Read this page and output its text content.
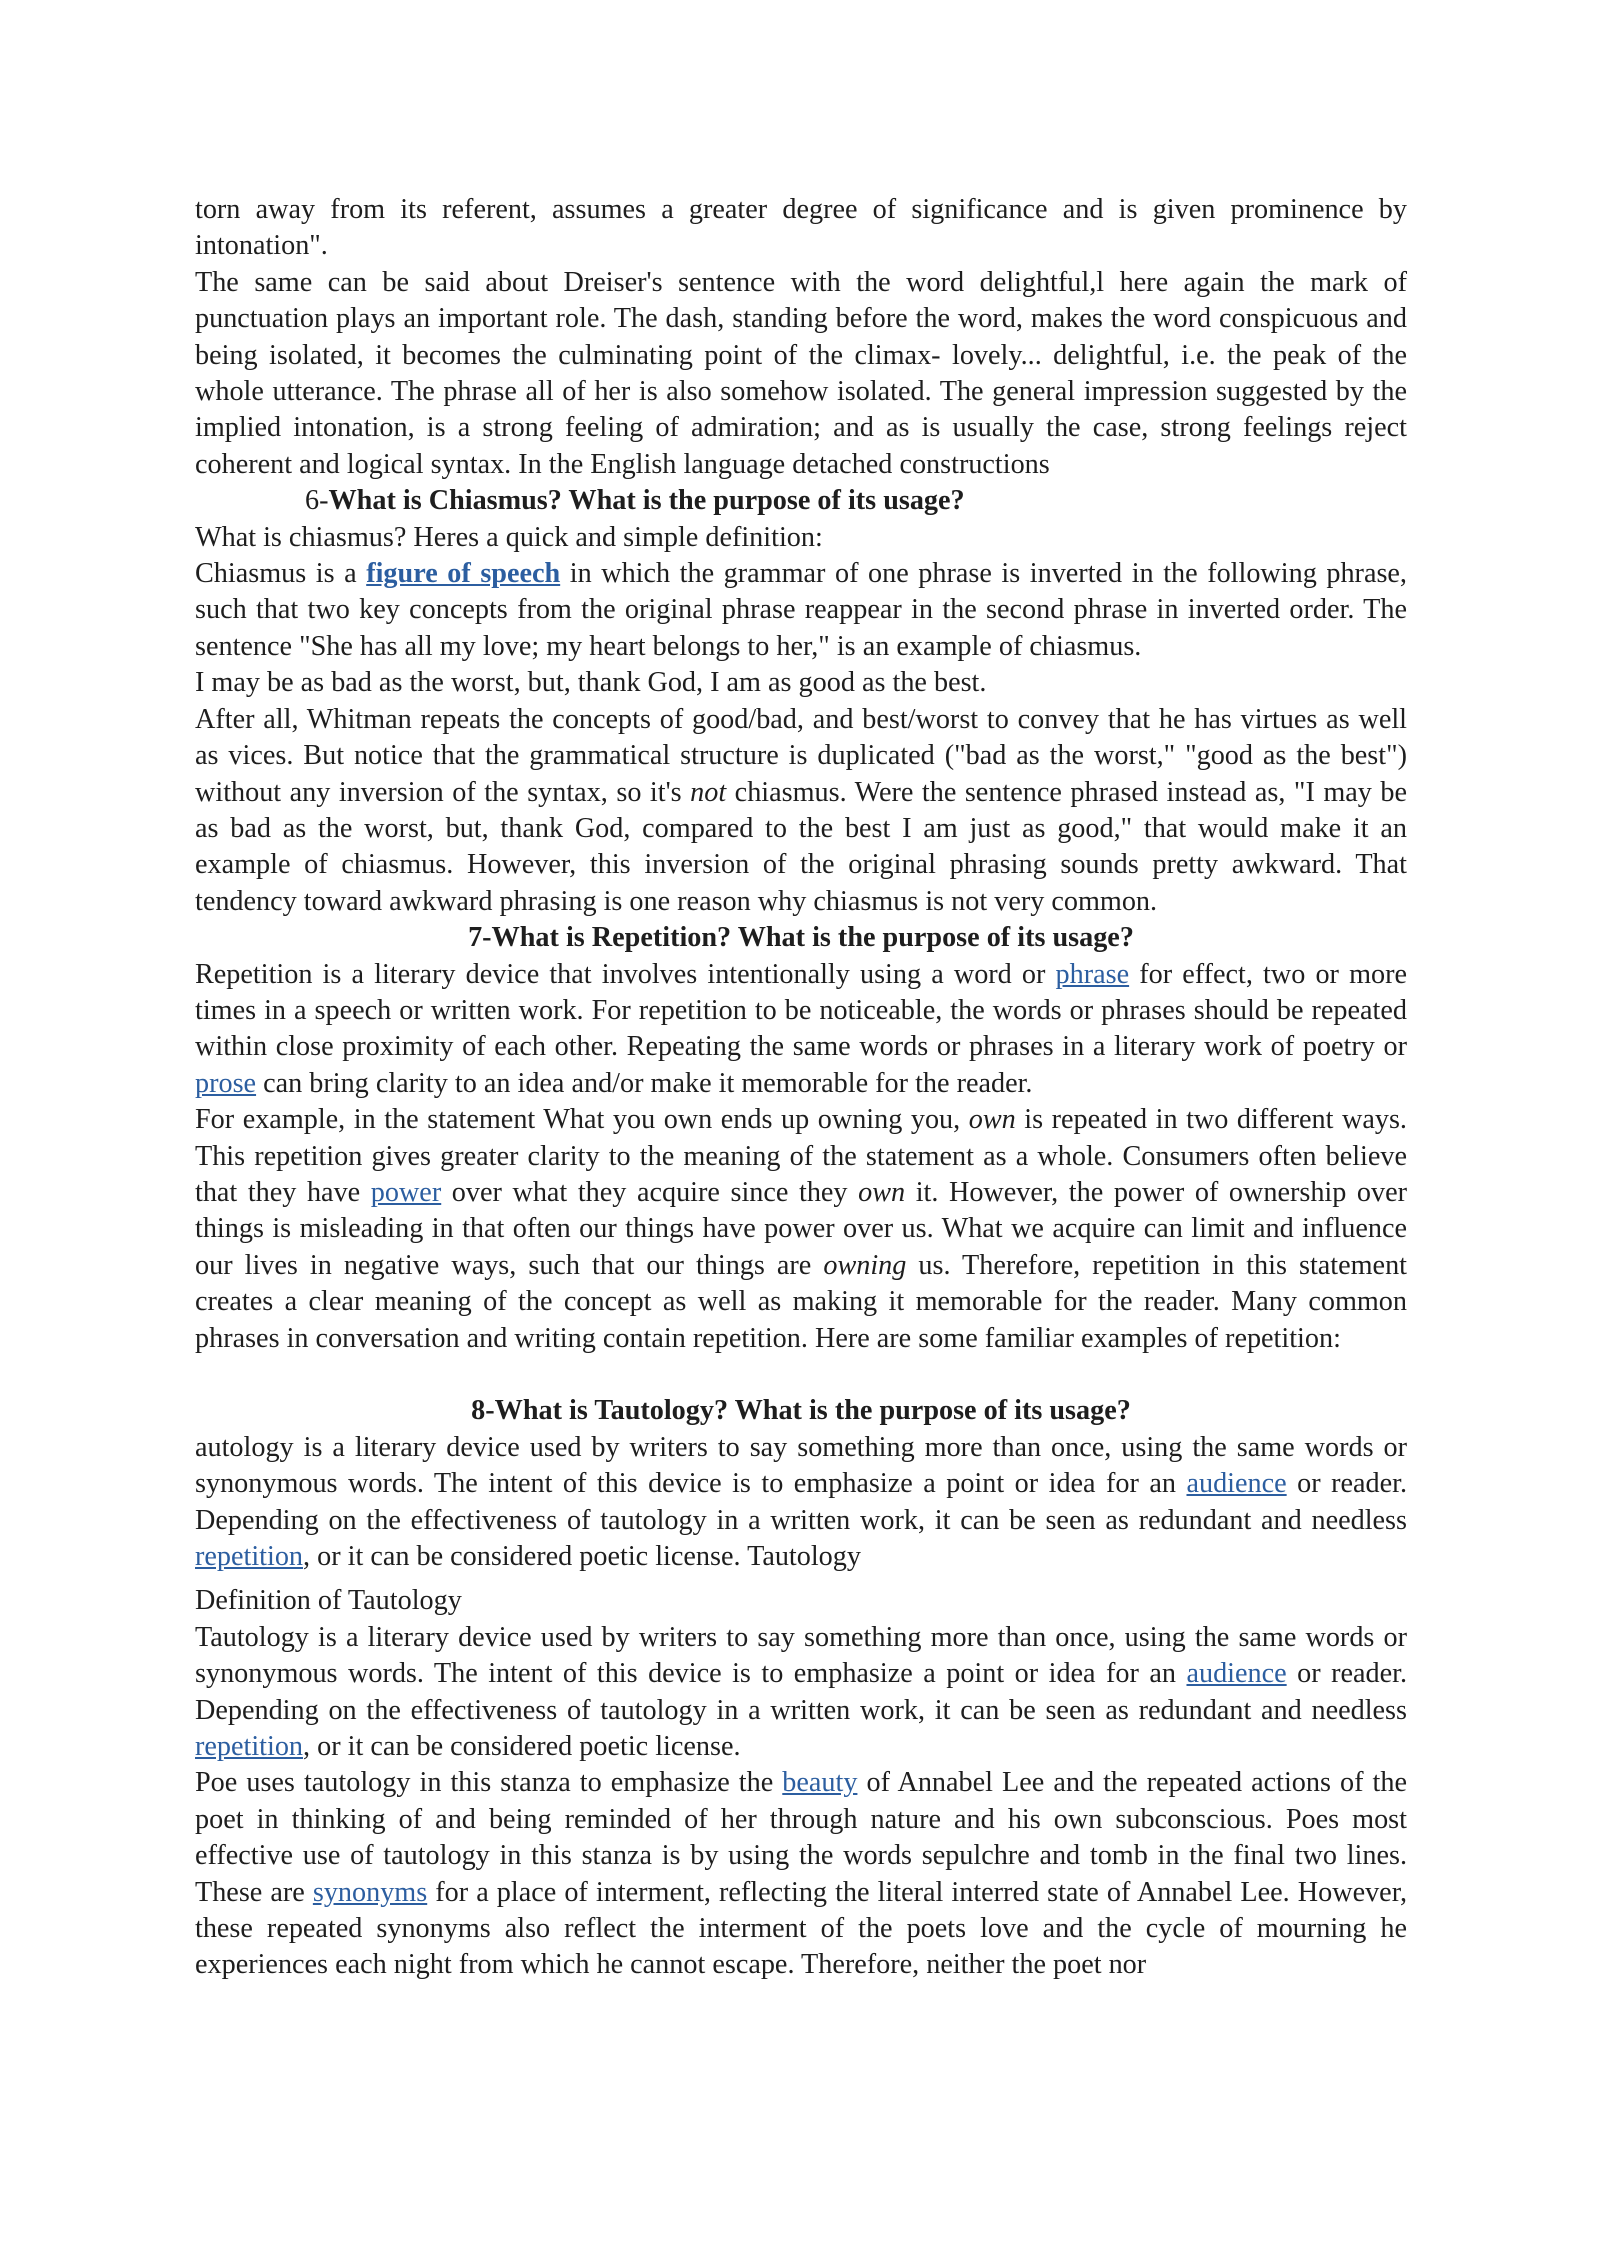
torn away from its referent, assumes a greater degree of significance and is given prominence by intonation".

The same can be said about Dreiser's sentence with the word delightful,l here again the mark of punctuation plays an important role. The dash, standing before the word, makes the word conspicuous and being isolated, it becomes the culminating point of the climax- lovely... delightful, i.e. the peak of the whole utterance. The phrase all of her is also somehow isolated. The general impression suggested by the implied intonation, is a strong feeling of admiration; and as is usually the case, strong feelings reject coherent and logical syntax. In the English language detached constructions

6-What is Chiasmus? What is the purpose of its usage?

What is chiasmus? Heres a quick and simple definition:

Chiasmus is a figure of speech in which the grammar of one phrase is inverted in the following phrase, such that two key concepts from the original phrase reappear in the second phrase in inverted order. The sentence "She has all my love; my heart belongs to her," is an example of chiasmus.

I may be as bad as the worst, but, thank God, I am as good as the best.

After all, Whitman repeats the concepts of good/bad, and best/worst to convey that he has virtues as well as vices. But notice that the grammatical structure is duplicated ("bad as the worst," "good as the best") without any inversion of the syntax, so it's not chiasmus. Were the sentence phrased instead as, "I may be as bad as the worst, but, thank God, compared to the best I am just as good," that would make it an example of chiasmus. However, this inversion of the original phrasing sounds pretty awkward. That tendency toward awkward phrasing is one reason why chiasmus is not very common.

7-What is Repetition? What is the purpose of its usage?

Repetition is a literary device that involves intentionally using a word or phrase for effect, two or more times in a speech or written work. For repetition to be noticeable, the words or phrases should be repeated within close proximity of each other. Repeating the same words or phrases in a literary work of poetry or prose can bring clarity to an idea and/or make it memorable for the reader.

For example, in the statement What you own ends up owning you, own is repeated in two different ways. This repetition gives greater clarity to the meaning of the statement as a whole. Consumers often believe that they have power over what they acquire since they own it. However, the power of ownership over things is misleading in that often our things have power over us. What we acquire can limit and influence our lives in negative ways, such that our things are owning us. Therefore, repetition in this statement creates a clear meaning of the concept as well as making it memorable for the reader. Many common phrases in conversation and writing contain repetition. Here are some familiar examples of repetition:

8-What is Tautology? What is the purpose of its usage?

autology is a literary device used by writers to say something more than once, using the same words or synonymous words. The intent of this device is to emphasize a point or idea for an audience or reader. Depending on the effectiveness of tautology in a written work, it can be seen as redundant and needless repetition, or it can be considered poetic license. Tautology

Definition of Tautology

Tautology is a literary device used by writers to say something more than once, using the same words or synonymous words. The intent of this device is to emphasize a point or idea for an audience or reader. Depending on the effectiveness of tautology in a written work, it can be seen as redundant and needless repetition, or it can be considered poetic license.

Poe uses tautology in this stanza to emphasize the beauty of Annabel Lee and the repeated actions of the poet in thinking of and being reminded of her through nature and his own subconscious. Poes most effective use of tautology in this stanza is by using the words sepulchre and tomb in the final two lines. These are synonyms for a place of interment, reflecting the literal interred state of Annabel Lee. However, these repeated synonyms also reflect the interment of the poets love and the cycle of mourning he experiences each night from which he cannot escape. Therefore, neither the poet nor
